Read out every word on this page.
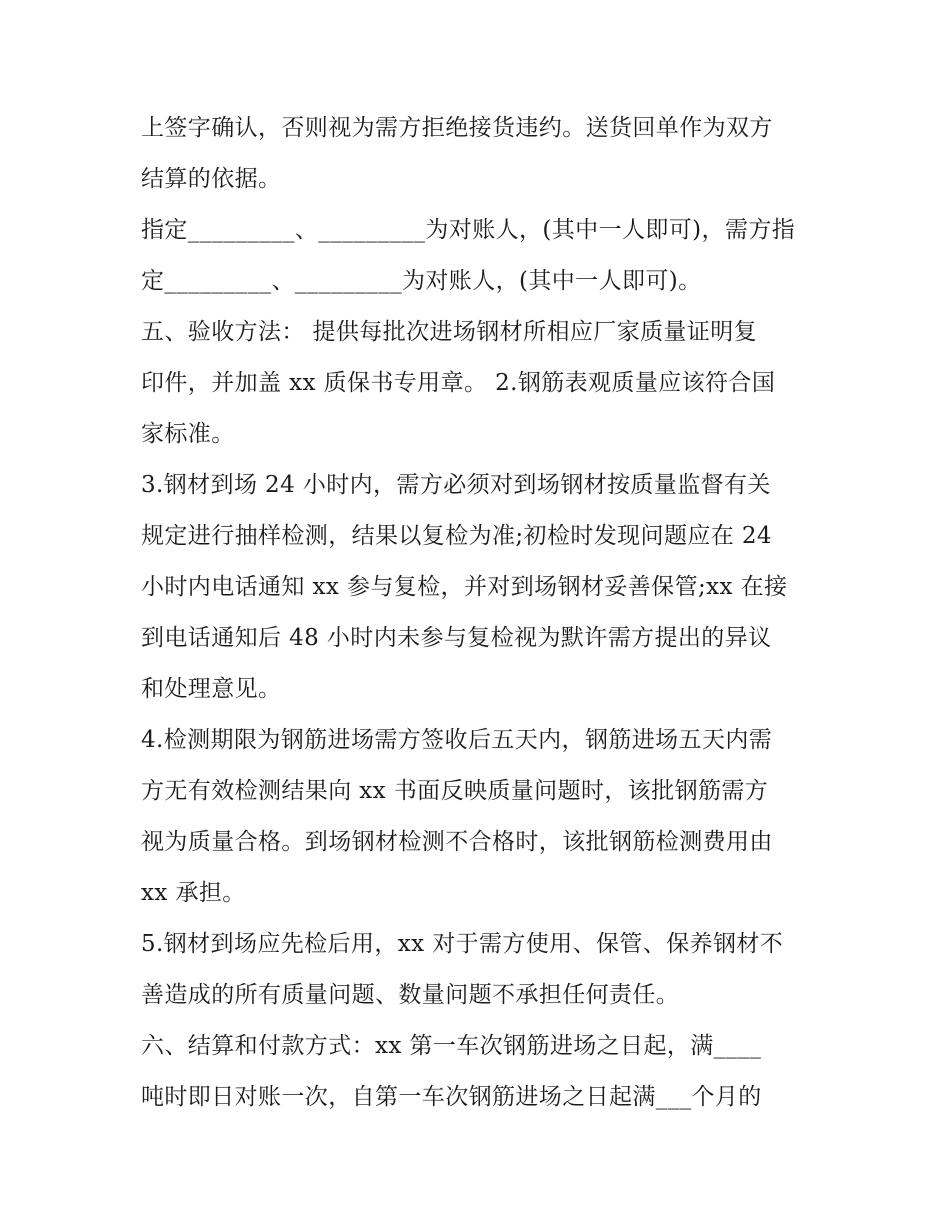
上签字确认，否则视为需方拒绝接货违约。送货回单作为双方
结算的依据。
指定_________、_________为对账人，(其中一人即可)，需方指
定_________、_________为对账人，(其中一人即可)。
五、验收方法： 提供每批次进场钢材所相应厂家质量证明复
印件，并加盖 xx 质保书专用章。 2.钢筋表观质量应该符合国
家标准。
3.钢材到场 24 小时内，需方必须对到场钢材按质量监督有关
规定进行抽样检测，结果以复检为准;初检时发现问题应在 24
小时内电话通知 xx 参与复检，并对到场钢材妥善保管;xx 在接
到电话通知后 48 小时内未参与复检视为默许需方提出的异议
和处理意见。
4.检测期限为钢筋进场需方签收后五天内，钢筋进场五天内需
方无有效检测结果向 xx 书面反映质量问题时，该批钢筋需方
视为质量合格。到场钢材检测不合格时，该批钢筋检测费用由
xx 承担。
5.钢材到场应先检后用，xx 对于需方使用、保管、保养钢材不
善造成的所有质量问题、数量问题不承担任何责任。
六、结算和付款方式：xx 第一车次钢筋进场之日起，满____
吨时即日对账一次，自第一车次钢筋进场之日起满___个月的
